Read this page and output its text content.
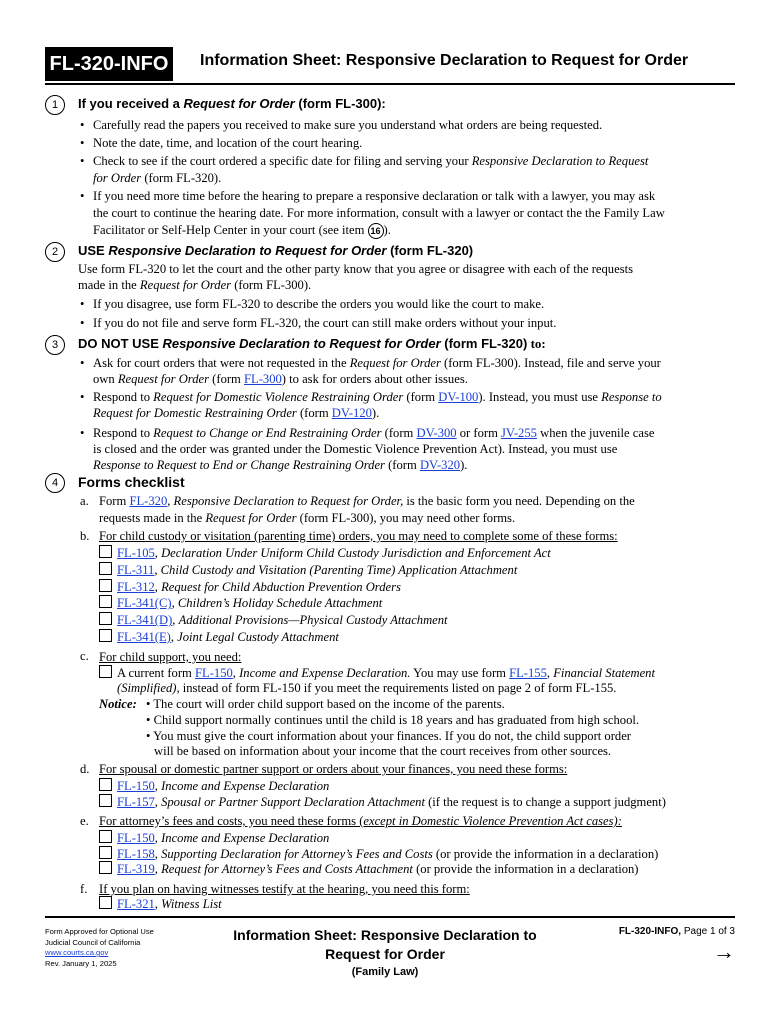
FL-320-INFO Information Sheet: Responsive Declaration to Request for Order
1	If you received a Request for Order (form FL-300):
• Carefully read the papers you received to make sure you understand what orders are being requested.
• Note the date, time, and location of the court hearing.
• Check to see if the court ordered a specific date for filing and serving your Responsive Declaration to Request
for Order (form FL-320).
• If you need more time before the hearing to prepare a responsive declaration or talk with a lawyer, you may ask
the court to continue the hearing date. For more information, consult with a lawyer or contact the the Family Law
Facilitator or Self-Help Center in your court (see item 16 ).
2	USE Responsive Declaration to Request for Order (form FL-320)
Use form FL-320 to let the court and the other party know that you agree or disagree with each of the requests
made in the Request for Order (form FL-300).
• If you disagree, use form FL-320 to describe the orders you would like the court to make.
• If you do not file and serve form FL-320, the court can still make orders without your input.
3	DO NOT USE Responsive Declaration to Request for Order (form FL-320) to:
• Ask for court orders that were not requested in the Request for Order (form FL-300). Instead, file and serve your
own Request for Order (form FL-300) to ask for orders about other issues.
• Respond to Request for Domestic Violence Restraining Order (form DV-100). Instead, you must use Response to
Request for Domestic Restraining Order (form DV-120).
• Respond to Request to Change or End Restraining Order (form DV-300 or form JV-255 when the juvenile case
is closed and the order was granted under the Domestic Violence Prevention Act). Instead, you must use
Response to Request to End or Change Restraining Order (form DV-320).
4	Forms checklist
a. Form FL-320, Responsive Declaration to Request for Order, is the basic form you need. Depending on the
requests made in the Request for Order (form FL-300), you may need other forms.
b. For child custody or visitation (parenting time) orders, you may need to complete some of these forms:
FL-105, Declaration Under Uniform Child Custody Jurisdiction and Enforcement Act
FL-311, Child Custody and Visitation (Parenting Time) Application Attachment
FL-312, Request for Child Abduction Prevention Orders
FL-341(C), Children’s Holiday Schedule Attachment
FL-341(D), Additional Provisions—Physical Custody Attachment
FL-341(E), Joint Legal Custody Attachment
c. For child support, you need:
A current form FL-150, Income and Expense Declaration. You may use form FL-155, Financial Statement
(Simplified), instead of form FL-150 if you meet the requirements listed on page 2 of form FL-155.
Notice: • The court will order child support based on the income of the parents.
• Child support normally continues until the child is 18 years and has graduated from high school.
• You must give the court information about your finances. If you do not, the child support order
will be based on information about your income that the court receives from other sources.
d. For spousal or domestic partner support or orders about your finances, you need these forms:
FL-150, Income and Expense Declaration
FL-157, Spousal or Partner Support Declaration Attachment (if the request is to change a support judgment)
e. For attorney’s fees and costs, you need these forms (except in Domestic Violence Prevention Act cases):
FL-150, Income and Expense Declaration
FL-158, Supporting Declaration for Attorney’s Fees and Costs (or provide the information in a declaration)
FL-319, Request for Attorney’s Fees and Costs Attachment (or provide the information in a declaration)
f. If you plan on having witnesses testify at the hearing, you need this form:
FL-321, Witness List
Form Approved for Optional Use
Judicial Council of California
www.courts.ca.gov
Rev. January 1, 2025
Information Sheet: Responsive Declaration to
Request for Order
(Family Law)
FL-320-INFO, Page 1 of 3
→
